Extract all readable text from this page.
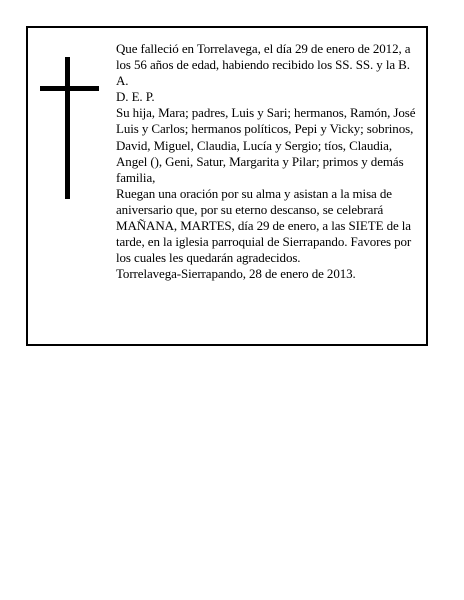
Que falleció en Torrelavega, el día 29 de enero de 2012, a los 56 años de edad, habiendo recibido los SS. SS. y la B. A.

D. E. P.

Su hija, Mara; padres, Luis y Sari; hermanos, Ramón, José Luis y Carlos; hermanos políticos, Pepi y Vicky; sobrinos, David, Miguel, Claudia, Lucía y Sergio; tíos, Claudia, Angel (), Geni, Satur, Margarita y Pilar; primos y demás familia,

Ruegan una oración por su alma y asistan a la misa de aniversario que, por su eterno descanso, se celebrará MAÑANA, MARTES, día 29 de enero, a las SIETE de la tarde, en la iglesia parroquial de Sierrapando. Favores por los cuales les quedarán agradecidos.

Torrelavega-Sierrapando, 28 de enero de 2013.
